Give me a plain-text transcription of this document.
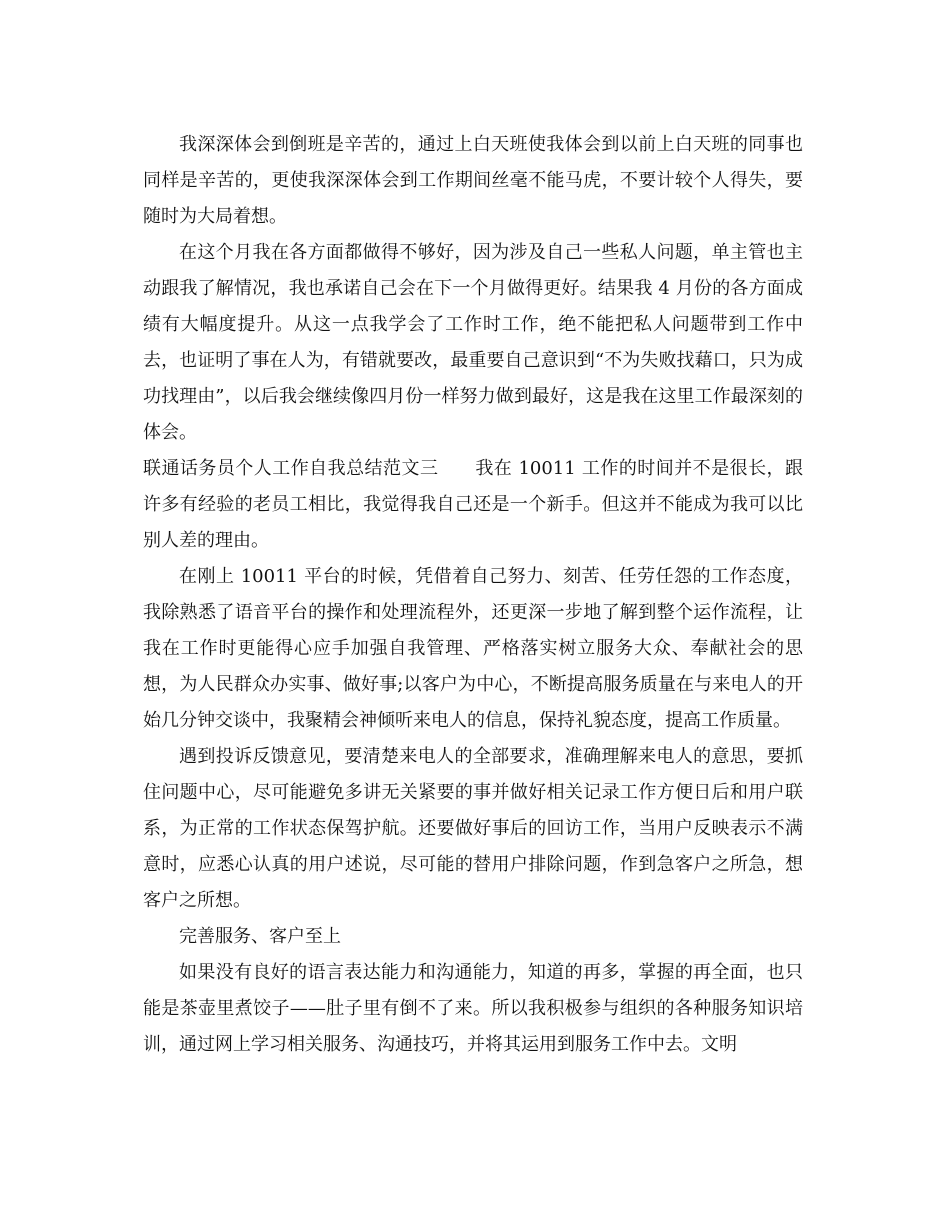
我深深体会到倒班是辛苦的，通过上白天班使我体会到以前上白天班的同事也同样是辛苦的，更使我深深体会到工作期间丝毫不能马虎，不要计较个人得失，要随时为大局着想。

在这个月我在各方面都做得不够好，因为涉及自己一些私人问题，单主管也主动跟我了解情况，我也承诺自己会在下一个月做得更好。结果我 4 月份的各方面成绩有大幅度提升。从这一点我学会了工作时工作，绝不能把私人问题带到工作中去，也证明了事在人为，有错就要改，最重要自己意识到“不为失败找藉口，只为成功找理由”，以后我会继续像四月份一样努力做到最好，这是我在这里工作最深刻的体会。

联通话务员个人工作自我总结范文三　　我在 10011 工作的时间并不是很长，跟许多有经验的老员工相比，我觉得我自己还是一个新手。但这并不能成为我可以比别人差的理由。

在刚上 10011 平台的时候，凭借着自己努力、刻苦、任劳任怨的工作态度，我除熟悉了语音平台的操作和处理流程外，还更深一步地了解到整个运作流程，让我在工作时更能得心应手加强自我管理、严格落实树立服务大众、奉献社会的思想，为人民群众办实事、做好事;以客户为中心，不断提高服务质量在与来电人的开始几分钟交谈中，我聚精会神倾听来电人的信息，保持礼貌态度，提高工作质量。

遇到投诉反馈意见，要清楚来电人的全部要求，准确理解来电人的意思，要抓住问题中心，尽可能避免多讲无关紧要的事并做好相关记录工作方便日后和用户联系，为正常的工作状态保驾护航。还要做好事后的回访工作，当用户反映表示不满意时，应悉心认真的用户述说，尽可能的替用户排除问题，作到急客户之所急，想客户之所想。

完善服务、客户至上

如果没有良好的语言表达能力和沟通能力，知道的再多，掌握的再全面，也只能是茶壶里煮饺子——肚子里有倒不了来。所以我积极参与组织的各种服务知识培训，通过网上学习相关服务、沟通技巧，并将其运用到服务工作中去。文明
